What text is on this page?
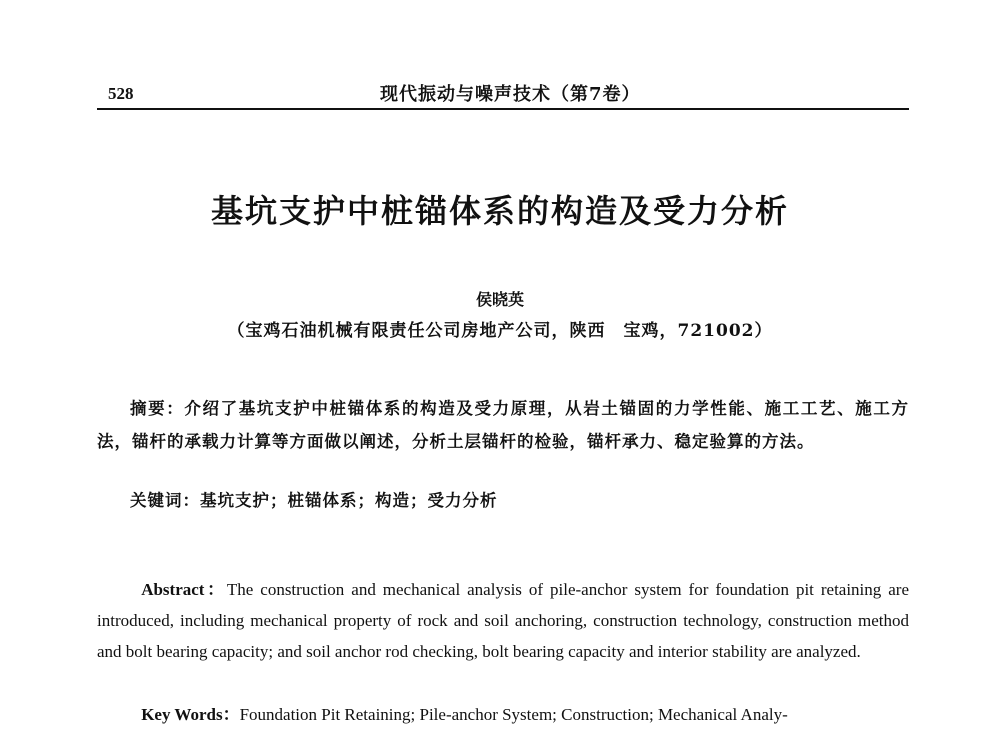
528	现代振动与噪声技术（第7卷）
基坑支护中桩锚体系的构造及受力分析
侯晓英
（宝鸡石油机械有限责任公司房地产公司，陕西　宝鸡，721002）
摘要：介绍了基坑支护中桩锚体系的构造及受力原理，从岩土锚固的力学性能、施工工艺、施工方法，锚杆的承载力计算等方面做以阐述，分析土层锚杆的检验，锚杆承力、稳定验算的方法。
关键词：基坑支护；桩锚体系；构造；受力分析
Abstract：The construction and mechanical analysis of pile-anchor system for foundation pit retaining are introduced, including mechanical property of rock and soil anchoring, construction technology, construction method and bolt bearing capacity; and soil anchor rod checking, bolt bearing capacity and interior stability are analyzed.
Key Words：Foundation Pit Retaining; Pile-anchor System; Construction; Mechanical Analy-
